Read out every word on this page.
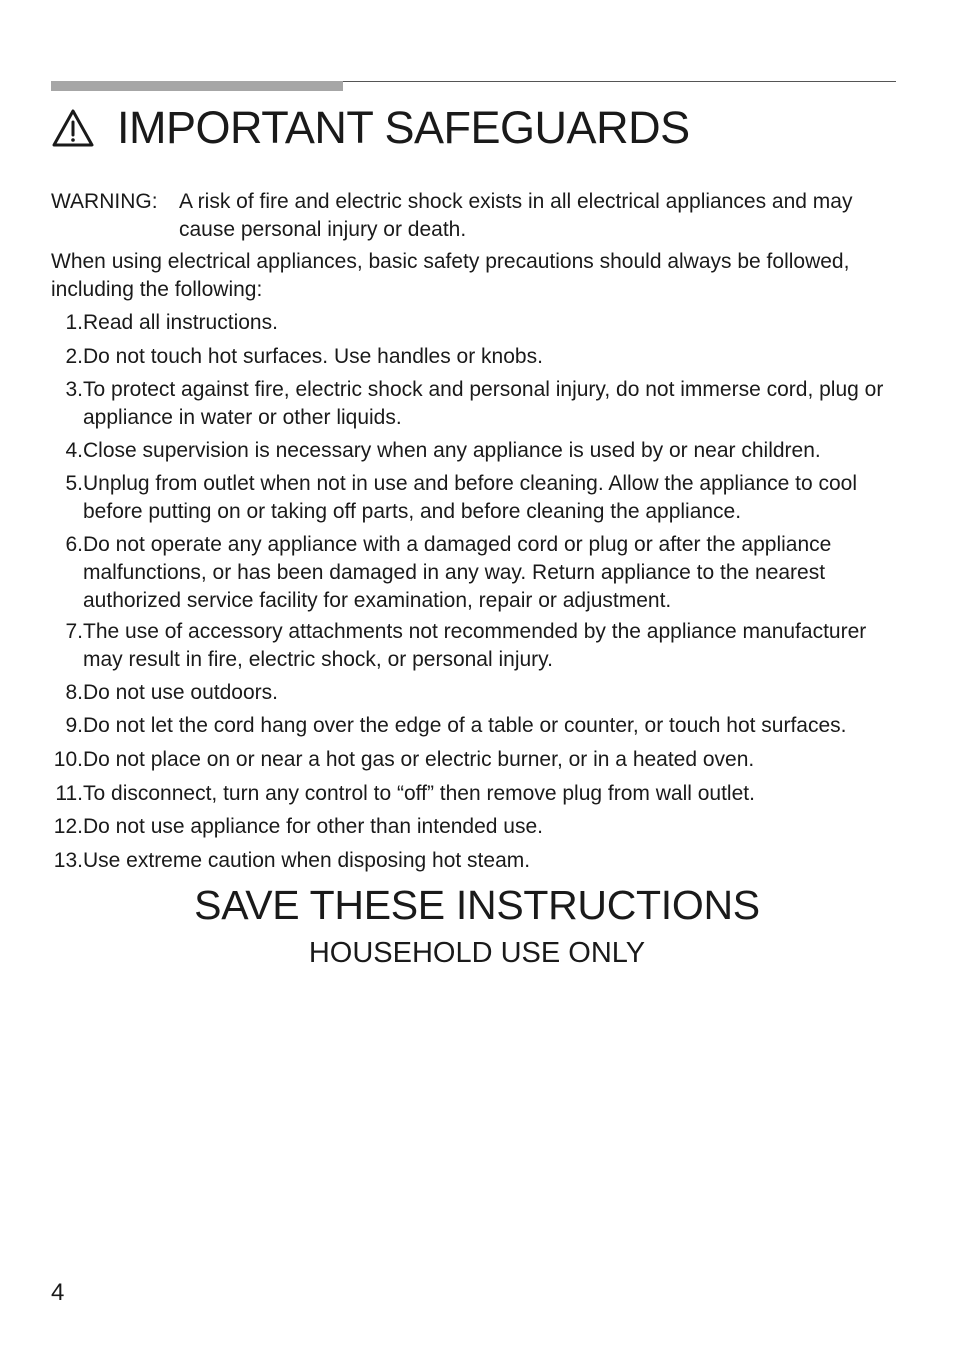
IMPORTANT SAFEGUARDS
WARNING:	A risk of fire and electric shock exists in all electrical appliances and may cause personal injury or death.
When using electrical appliances, basic safety precautions should always be followed, including the following:
1. Read all instructions.
2. Do not touch hot surfaces. Use handles or knobs.
3. To protect against fire, electric shock and personal injury, do not immerse cord, plug or appliance in water or other liquids.
4. Close supervision is necessary when any appliance is used by or near children.
5. Unplug from outlet when not in use and before cleaning. Allow the appliance to cool before putting on or taking off parts, and before cleaning the appliance.
6. Do not operate any appliance with a damaged cord or plug or after the appliance malfunctions, or has been damaged in any way. Return appliance to the nearest authorized service facility for examination, repair or adjustment.
7. The use of accessory attachments not recommended by the appliance manufacturer may result in fire, electric shock, or personal injury.
8. Do not use outdoors.
9. Do not let the cord hang over the edge of a table or counter, or touch hot surfaces.
10. Do not place on or near a hot gas or electric burner, or in a heated oven.
11. To disconnect, turn any control to “off” then remove plug from wall outlet.
12. Do not use appliance for other than intended use.
13. Use extreme caution when disposing hot steam.
SAVE THESE INSTRUCTIONS
HOUSEHOLD USE ONLY
4
